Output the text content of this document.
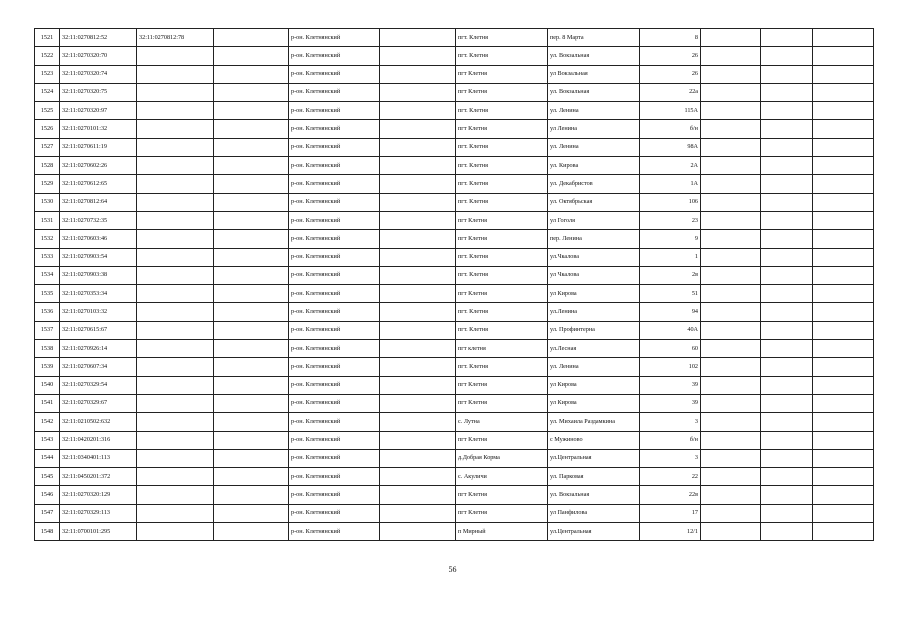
1521	32:11:0270812:52	32:11:0270812:78		р-он. Клетнянский		пгт. Клетня	пер. 8 Марта	8			
1522	32:11:0270320:70			р-он. Клетнянский		пгт. Клетня	ул. Вокзальная	26			
1523	32:11:0270320:74			р-он. Клетнянский		пгт Клетня	ул Вокзальная	26			
1524	32:11:0270320:75			р-он. Клетнянский		пгт Клетня	ул. Вокзальная	22а			
1525	32:11:0270320:97			р-он. Клетнянский		пгт. Клетня	ул. Ленина	115А			
1526	32:11:0270101:32			р-он. Клетнянский		пгт Клетня	ул Ленина	б/н			
1527	32:11:0270611:19			р-он. Клетнянский		пгт. Клетня	ул. Ленина	98А			
1528	32:11:0270602:26			р-он. Клетнянский		пгт. Клетня	ул. Кирова	2А			
1529	32:11:0270612:65			р-он. Клетнянский		пгт. Клетня	ул. Декабристов	1А			
1530	32:11:0270812:64			р-он. Клетнянский		пгт. Клетня	ул. Октябрьская	106			
1531	32:11:0270732:35			р-он. Клетнянский		пгт Клетня	ул Гоголя	23			
1532	32:11:0270603:46			р-он. Клетнянский		пгт Клетня	пер. Ленина	9			
1533	32:11:0270903:54			р-он. Клетнянский		пгт. Клетня	ул.Чкалова	1			
1534	32:11:0270903:38			р-он. Клетнянский		пгт. Клетня	ул Чкалова	2в			
1535	32:11:0270353:34			р-он. Клетнянский		пгт Клетня	ул Кирова	51			
1536	32:11:0270103:32			р-он. Клетнянский		пгт. Клетня	ул.Ленина	94			
1537	32:11:0270615:67			р-он. Клетнянский		пгт. Клетня	ул. Профинтерна	40А			
1538	32:11:0270926:14			р-он. Клетнянский		пгт клетня	ул.Лесная	60			
1539	32:11:0270607:34			р-он. Клетнянский		пгт. Клетня	ул. Ленина	102			
1540	32:11:0270329:54			р-он. Клетнянский		пгт Клетня	ул Кирова	39			
1541	32:11:0270329:67			р-он. Клетнянский		пгт Клетня	ул Кирова	39			
1542	32:11:0210502:632			р-он. Клетнянский		с. Лутна	ул. Михаила Раздамкина	3			
1543	32:11:0420201:316			р-он. Клетнянский		пгт Клетня	с Мужиново	б/н			
1544	32:11:0340401:113			р-он. Клетнянский		д.Добрая Корма	ул.Центральная	3			
1545	32:11:0450201:372			р-он. Клетнянский		с. Акуличи	ул. Парковая	22			
1546	32:11:0270320:129			р-он. Клетнянский		пгт Клетня	ул. Вокзальная	22в			
1547	32:11:0270329:113			р-он. Клетнянский		пгт Клетня	ул Панфилова	17			
1548	32:11:0700101:295			р-он. Клетнянский		п Мирный	ул.Центральная	12/1			
56
